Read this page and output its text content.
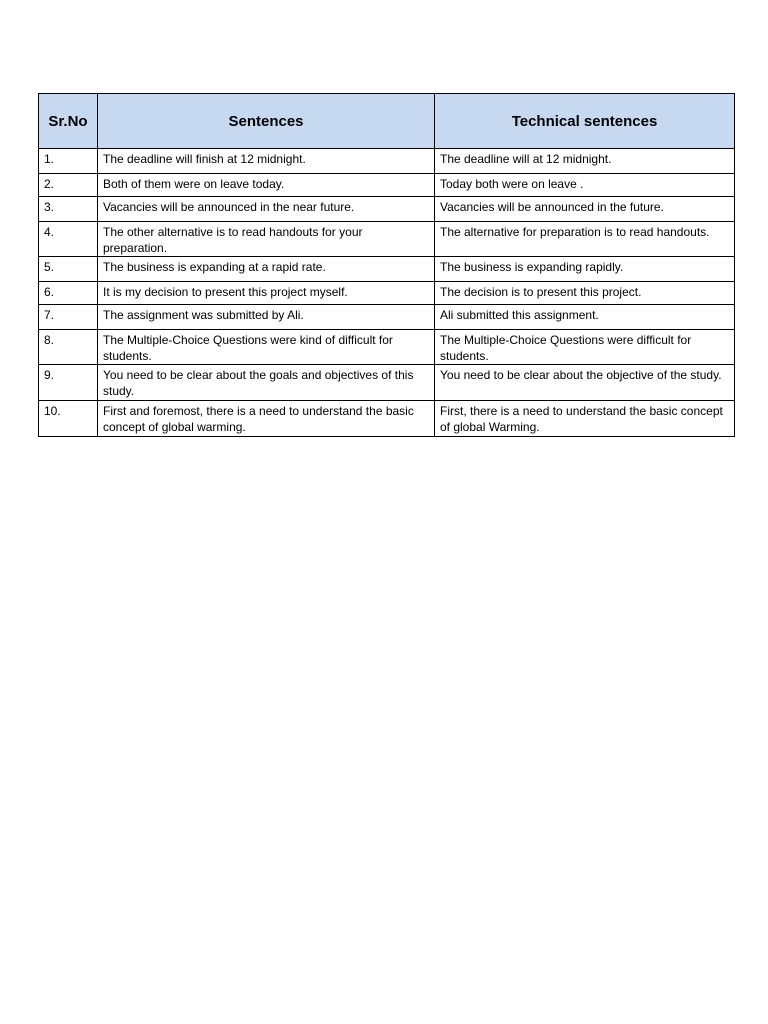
Sr.No	Sentences	Technical sentences
1.	The deadline will finish at 12 midnight.	The deadline will at 12 midnight.
2.	Both of them were on leave today.	Today both were on leave .
3.	Vacancies will be announced in the near future.	Vacancies will be announced in the future.
4.	The other alternative is to read handouts for your preparation.	The alternative for preparation is to read handouts.
5.	The business is expanding at a rapid rate.	The business is expanding rapidly.
6.	It is my decision to present this project myself.	The decision is to present this project.
7.	The assignment was submitted by Ali.	Ali submitted this assignment.
8.	The Multiple-Choice Questions were kind of difficult for students.	The Multiple-Choice Questions were difficult for students.
9.	You need to be clear about the goals and objectives of this study.	You need to be clear about the objective of the study.
10.	First and foremost, there is a need to understand the basic concept of global warming.	First, there is a need to understand the basic concept of global Warming.
